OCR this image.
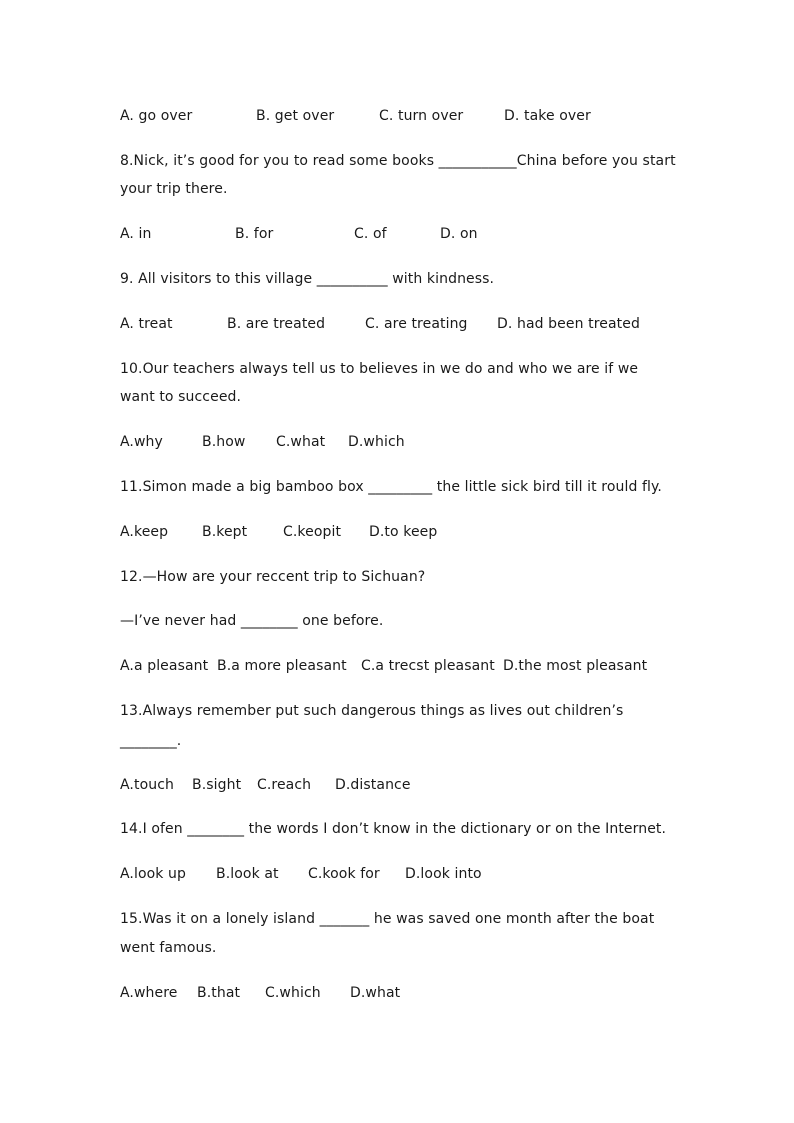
A. go over	B. get over	C. turn over	D. take over
8.Nick, it’s good for you to read some books ___________China before you start
your trip there.
A. in	B. for	C. of	D. on
9. All visitors to this village __________ with kindness.
A. treat	B. are treated	C. are treating D. had been treated
10.Our teachers always tell us to believes in we do and who we are if we
want to succeed.
A.why	B.how C.what D.which
11.Simon made a big bamboo box _________ the little sick bird till it rould fly.
A.keep B.kept	C.keopit D.to keep
12.—How are your reccent trip to Sichuan?
—I’ve never had ________ one before.
A.a pleasant B.a more pleasant C.a trecst pleasant D.the most pleasant
13.Always remember put such dangerous things as lives out children’s
________.
A.touch B.sight C.reach D.distance
14.I ofen ________ the words I don’t know in the dictionary or on the Internet.
A.look up B.look at C.kook for D.look into
15.Was it on a lonely island _______ he was saved one month after the boat
went famous.
A.where B.that C.which D.what
